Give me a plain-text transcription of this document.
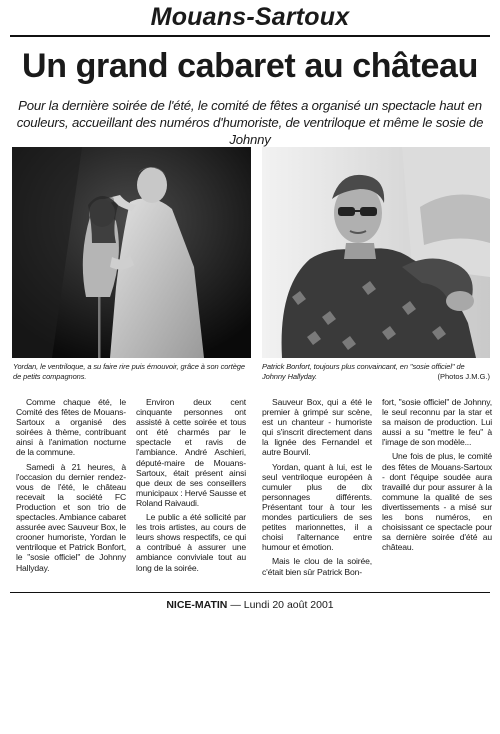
Mouans-Sartoux
Un grand cabaret au château
Pour la dernière soirée de l'été, le comité de fêtes a organisé un spectacle haut en couleurs, accueillant des numéros d'humoriste, de ventriloque et même le sosie de Johnny
Yordan, le ventriloque, a su faire rire puis émouvoir, grâce à son cortège de petits compagnons.
Patrick Bonfort, toujours plus convaincant, en "sosie officiel" de Johnny Hallyday.	(Photos J.M.G.)

Comme chaque été, le Comité des fêtes de Mouans-Sartoux a organisé des soirées à thème, contribuant ainsi à l'animation nocturne de la commune.

Samedi à 21 heures, à l'occasion du dernier rendez-vous de l'été, le château recevait la société FC Production et son trio de spectacles. Ambiance cabaret assurée avec Sauveur Box, le crooner humoriste, Yordan le ventriloque et Patrick Bonfort, le "sosie officiel" de Johnny Hallyday.

Environ deux cent cinquante personnes ont assisté à cette soirée et tous ont été charmés par le spectacle et ravis de l'ambiance. André Aschieri, député-maire de Mouans-Sartoux, était présent ainsi que deux de ses conseillers municipaux : Hervé Sausse et Roland Raivaudi.

Le public a été sollicité par les trois artistes, au cours de leurs shows respectifs, ce qui a contribué à assurer une ambiance conviviale tout au long de la soirée.

Sauveur Box, qui a été le premier à grimpé sur scène, est un chanteur - humoriste qui s'inscrit directement dans la lignée des Fernandel et autre Bourvil.

Yordan, quant à lui, est le seul ventriloque européen à cumuler plus de dix personnages différents. Présentant tour à tour les mondes particuliers de ses petites marionnettes, il a choisi l'alternance entre humour et émotion.

Mais le clou de la soirée, c'était bien sûr Patrick Bon-

fort, "sosie officiel" de Johnny, le seul reconnu par la star et sa maison de production. Lui aussi a su "mettre le feu" à l'image de son modèle...

Une fois de plus, le comité des fêtes de Mouans-Sartoux - dont l'équipe soudée aura travaillé dur pour assurer à la commune la qualité de ses divertissements - a misé sur les bons numéros, en choisissant ce spectacle pour sa dernière soirée d'été au château.

NICE-MATIN — Lundi 20 août 2001
